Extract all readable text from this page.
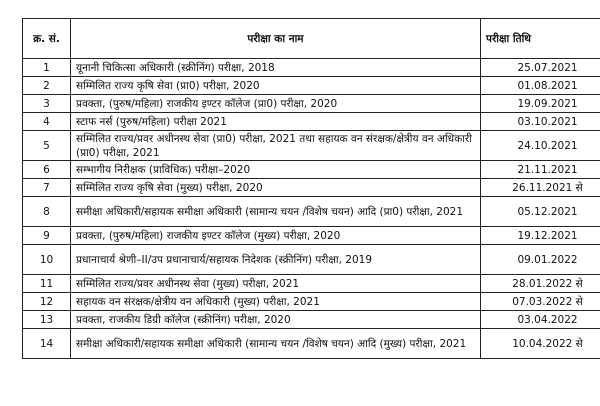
क्र. सं.	परीक्षा का नाम	परीक्षा तिथि
1	यूनानी चिकित्सा अधिकारी (स्क्रीनिंग) परीक्षा, 2018	25.07.2021
2	सम्मिलित राज्य कृषि सेवा (प्रा0) परीक्षा, 2020	01.08.2021
3	प्रवक्ता, (पुरुष/महिला) राजकीय इण्टर कॉलेज (प्रा0) परीक्षा, 2020	19.09.2021
4	स्टाफ नर्स (पुरुष/महिला) परीक्षा 2021	03.10.2021
5	सम्मिलित राज्य/प्रवर अधीनस्थ सेवा (प्रा0) परीक्षा, 2021 तथा सहायक वन संरक्षक/क्षेत्रीय वन अधिकारी (प्रा0) परीक्षा, 2021	24.10.2021
6	सम्भागीय निरीक्षक (प्राविधिक) परीक्षा–2020	21.11.2021
7	सम्मिलित राज्य कृषि सेवा (मुख्य) परीक्षा, 2020	26.11.2021 से
8	समीक्षा अधिकारी/सहायक समीक्षा अधिकारी (सामान्य चयन /विशेष चयन) आदि (प्रा0) परीक्षा, 2021	05.12.2021
9	प्रवक्ता, (पुरुष/महिला) राजकीय इण्टर कॉलेज (मुख्य) परीक्षा, 2020	19.12.2021
10	प्रधानाचार्य श्रेणी–II/उप प्रधानाचार्य/सहायक निदेशक (स्क्रीनिंग) परीक्षा, 2019	09.01.2022
11	सम्मिलित राज्य/प्रवर अधीनस्थ सेवा (मुख्य) परीक्षा, 2021	28.01.2022 से
12	सहायक वन संरक्षक/क्षेत्रीय वन अधिकारी (मुख्य) परीक्षा, 2021	07.03.2022 से
13	प्रवक्ता, राजकीय डिग्री कॉलेज (स्क्रीनिंग) परीक्षा, 2020	03.04.2022
14	समीक्षा अधिकारी/सहायक समीक्षा अधिकारी (सामान्य चयन /विशेष चयन) आदि (मुख्य) परीक्षा, 2021	10.04.2022 से
